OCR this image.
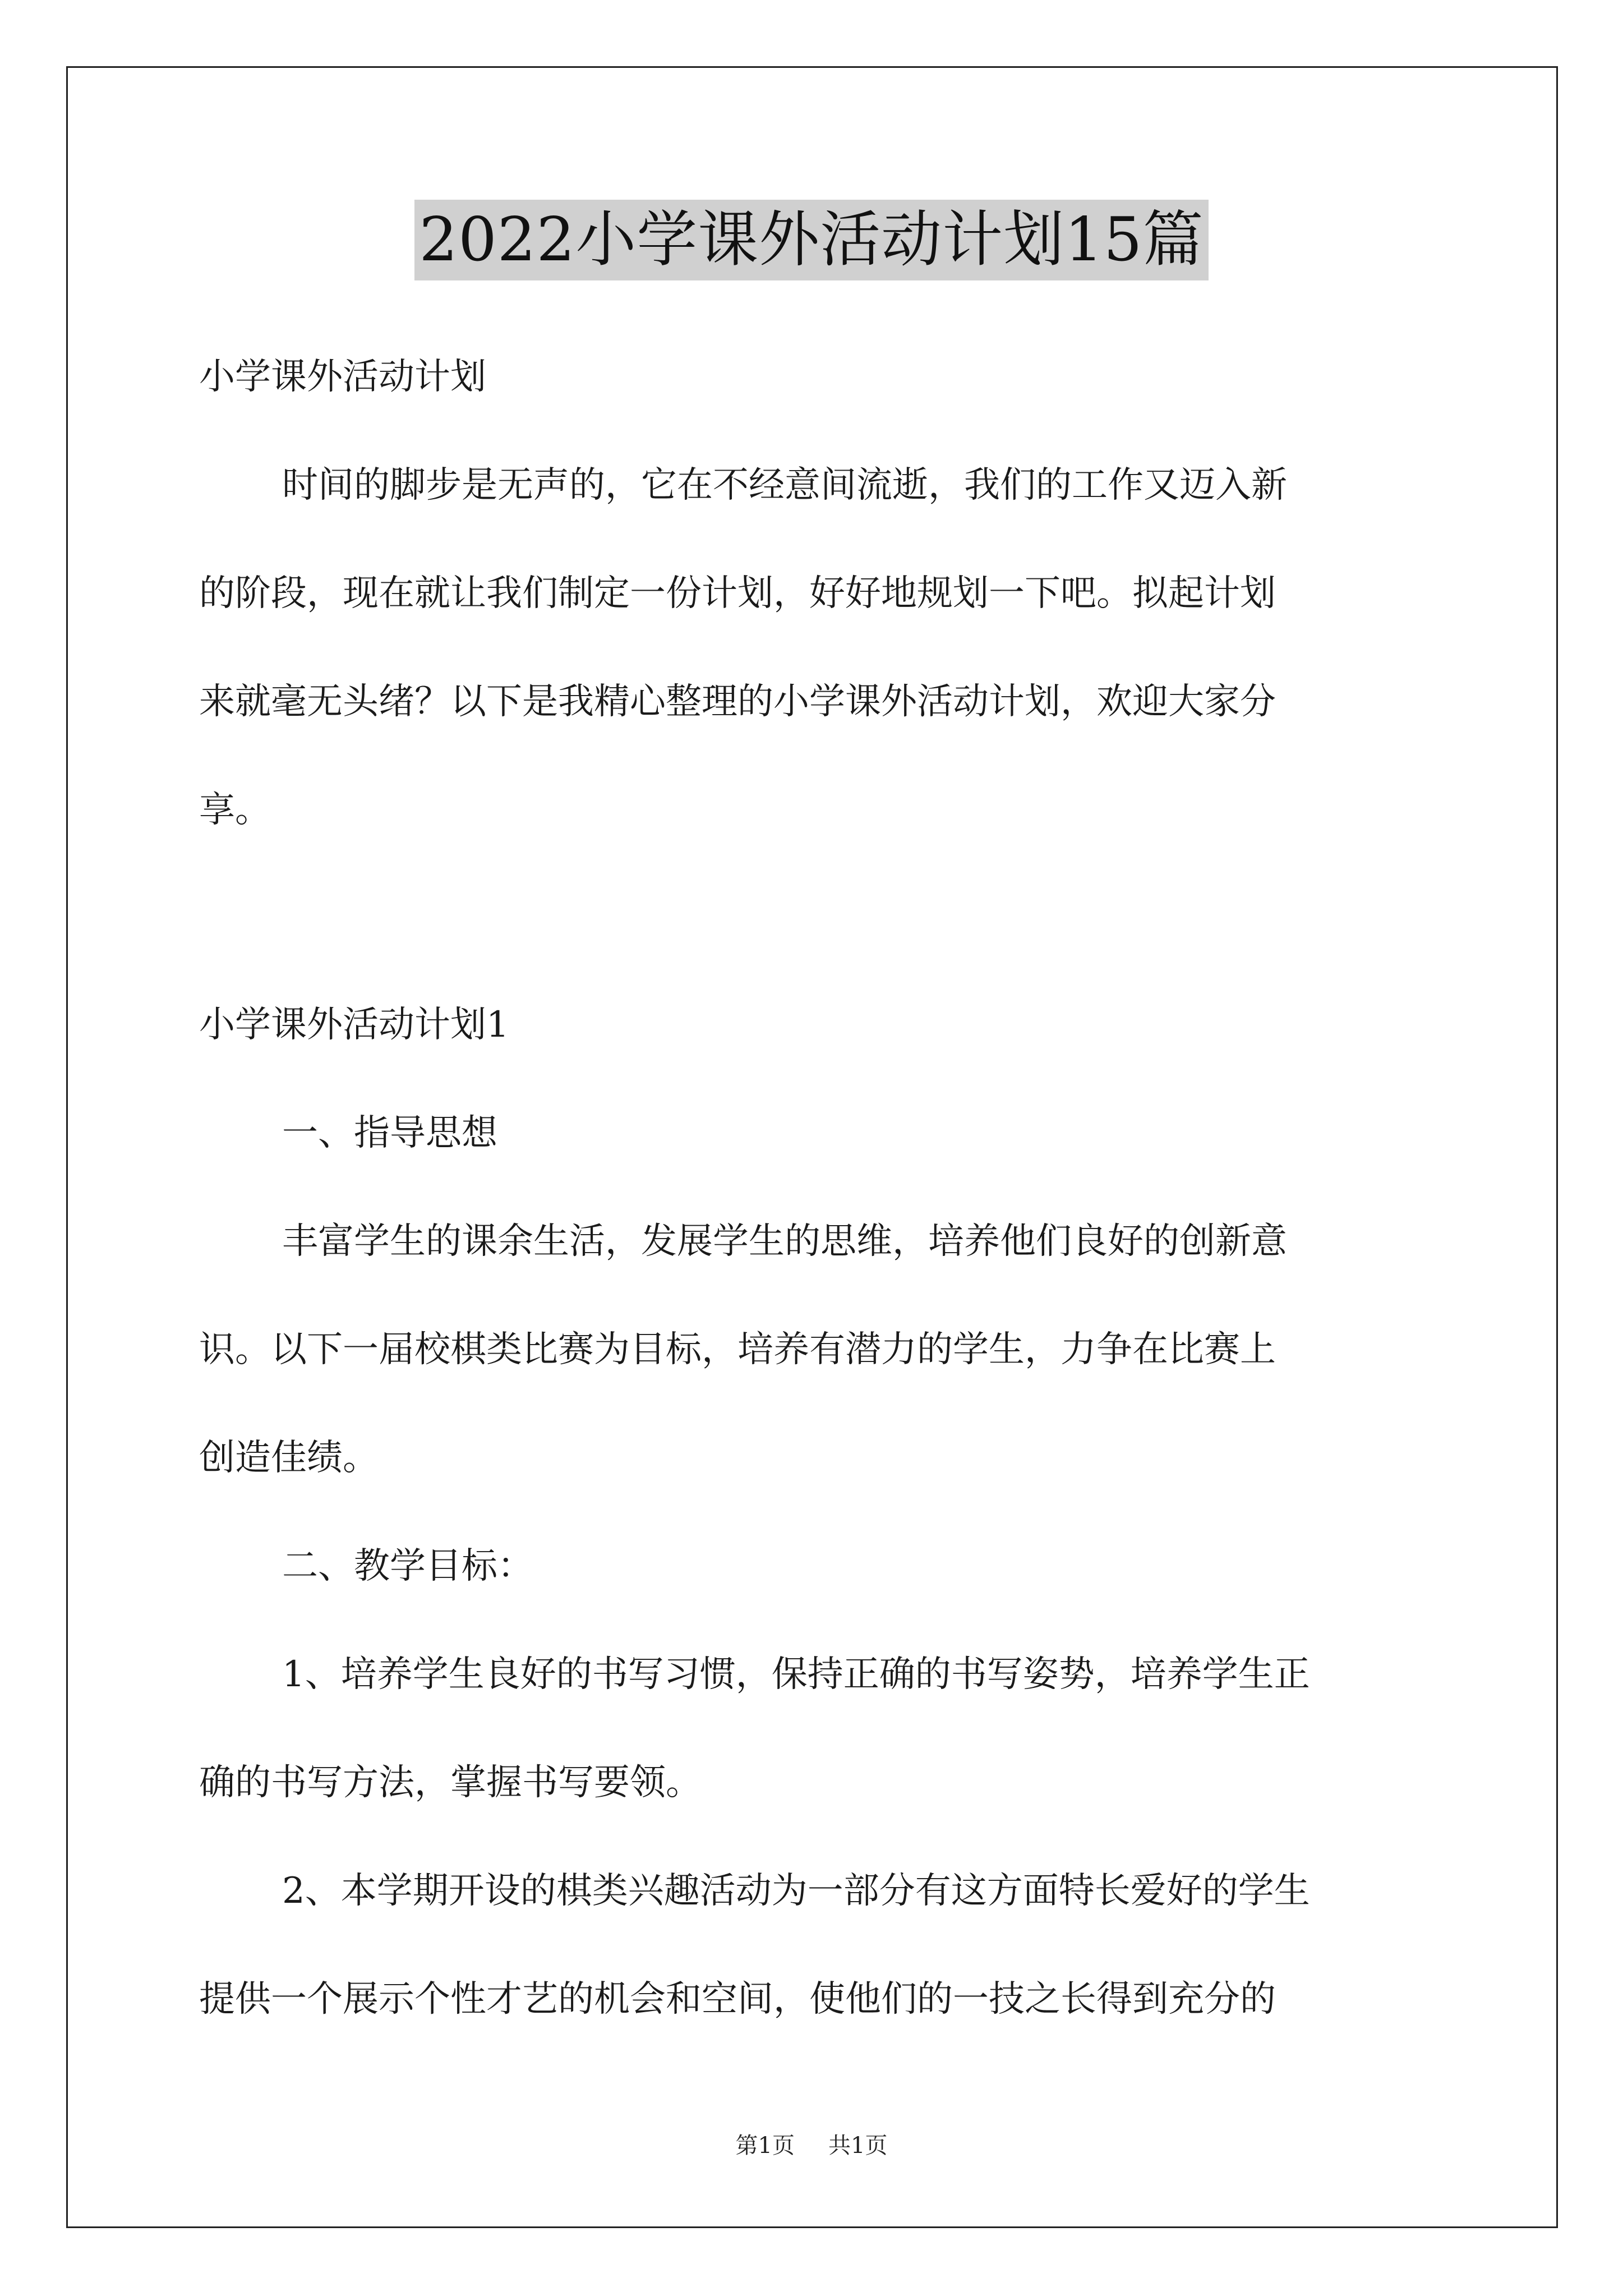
2022小学课外活动计划15篇
小学课外活动计划
时间的脚步是无声的，它在不经意间流逝，我们的工作又迈入新
的阶段，现在就让我们制定一份计划，好好地规划一下吧。拟起计划
来就毫无头绪？以下是我精心整理的小学课外活动计划，欢迎大家分
享。
小学课外活动计划1
一、指导思想
丰富学生的课余生活，发展学生的思维，培养他们良好的创新意
识。以下一届校棋类比赛为目标，培养有潜力的学生，力争在比赛上
创造佳绩。
二、教学目标：
1、培养学生良好的书写习惯，保持正确的书写姿势，培养学生正
确的书写方法，掌握书写要领。
2、本学期开设的棋类兴趣活动为一部分有这方面特长爱好的学生
提供一个展示个性才艺的机会和空间，使他们的一技之长得到充分的
第1页 共1页
